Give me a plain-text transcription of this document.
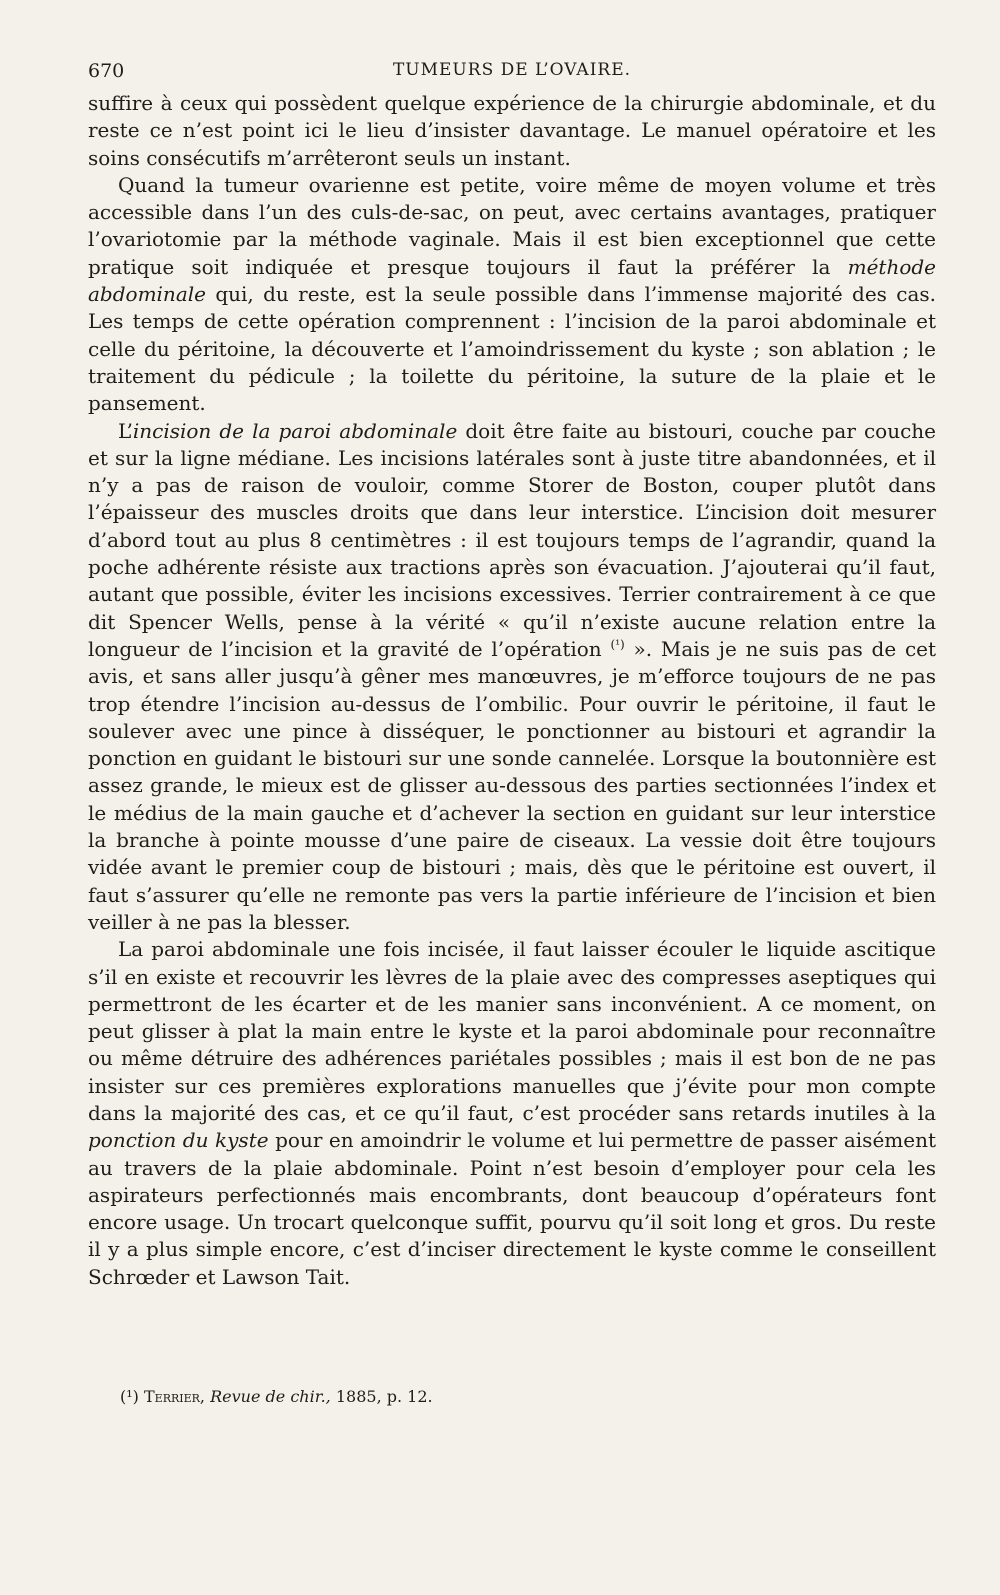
670	TUMEURS DE L’OVAIRE.

suffire à ceux qui possèdent quelque expérience de la chirurgie abdominale, et du reste ce n’est point ici le lieu d’insister davantage. Le manuel opératoire et les soins consécutifs m’arrêteront seuls un instant.

Quand la tumeur ovarienne est petite, voire même de moyen volume et très accessible dans l’un des culs-de-sac, on peut, avec certains avantages, pratiquer l’ovariotomie par la méthode vaginale. Mais il est bien exceptionnel que cette pratique soit indiquée et presque toujours il faut la préférer la méthode abdominale qui, du reste, est la seule possible dans l’immense majorité des cas. Les temps de cette opération comprennent : l’incision de la paroi abdominale et celle du péritoine, la découverte et l’amoindrissement du kyste ; son ablation ; le traitement du pédicule ; la toilette du péritoine, la suture de la plaie et le pansement.

L’incision de la paroi abdominale doit être faite au bistouri, couche par couche et sur la ligne médiane. Les incisions latérales sont à juste titre abandonnées, et il n’y a pas de raison de vouloir, comme Storer de Boston, couper plutôt dans l’épaisseur des muscles droits que dans leur interstice. L’incision doit mesurer d’abord tout au plus 8 centimètres : il est toujours temps de l’agrandir, quand la poche adhérente résiste aux tractions après son évacuation. J’ajouterai qu’il faut, autant que possible, éviter les incisions excessives. Terrier contrairement à ce que dit Spencer Wells, pense à la vérité « qu’il n’existe aucune relation entre la longueur de l’incision et la gravité de l’opération $^{(^1)}$ ». Mais je ne suis pas de cet avis, et sans aller jusqu’à gêner mes manœuvres, je m’efforce toujours de ne pas trop étendre l’incision au-dessus de l’ombilic. Pour ouvrir le péritoine, il faut le soulever avec une pince à disséquer, le ponctionner au bistouri et agrandir la ponction en guidant le bistouri sur une sonde cannelée. Lorsque la boutonnière est assez grande, le mieux est de glisser au-dessous des parties sectionnées l’index et le médius de la main gauche et d’achever la section en guidant sur leur interstice la branche à pointe mousse d’une paire de ciseaux. La vessie doit être toujours vidée avant le premier coup de bistouri ; mais, dès que le péritoine est ouvert, il faut s’assurer qu’elle ne remonte pas vers la partie inférieure de l’incision et bien veiller à ne pas la blesser.

La paroi abdominale une fois incisée, il faut laisser écouler le liquide ascitique s’il en existe et recouvrir les lèvres de la plaie avec des compresses aseptiques qui permettront de les écarter et de les manier sans inconvénient. A ce moment, on peut glisser à plat la main entre le kyste et la paroi abdominale pour reconnaître ou même détruire des adhérences pariétales possibles ; mais il est bon de ne pas insister sur ces premières explorations manuelles que j’évite pour mon compte dans la majorité des cas, et ce qu’il faut, c’est procéder sans retards inutiles à la ponction du kyste pour en amoindrir le volume et lui permettre de passer aisément au travers de la plaie abdominale. Point n’est besoin d’employer pour cela les aspirateurs perfectionnés mais encombrants, dont beaucoup d’opérateurs font encore usage. Un trocart quelconque suffit, pourvu qu’il soit long et gros. Du reste il y a plus simple encore, c’est d’inciser directement le kyste comme le conseillent Schrœder et Lawson Tait.

(¹) Terrier, Revue de chir., 1885, p. 12.
